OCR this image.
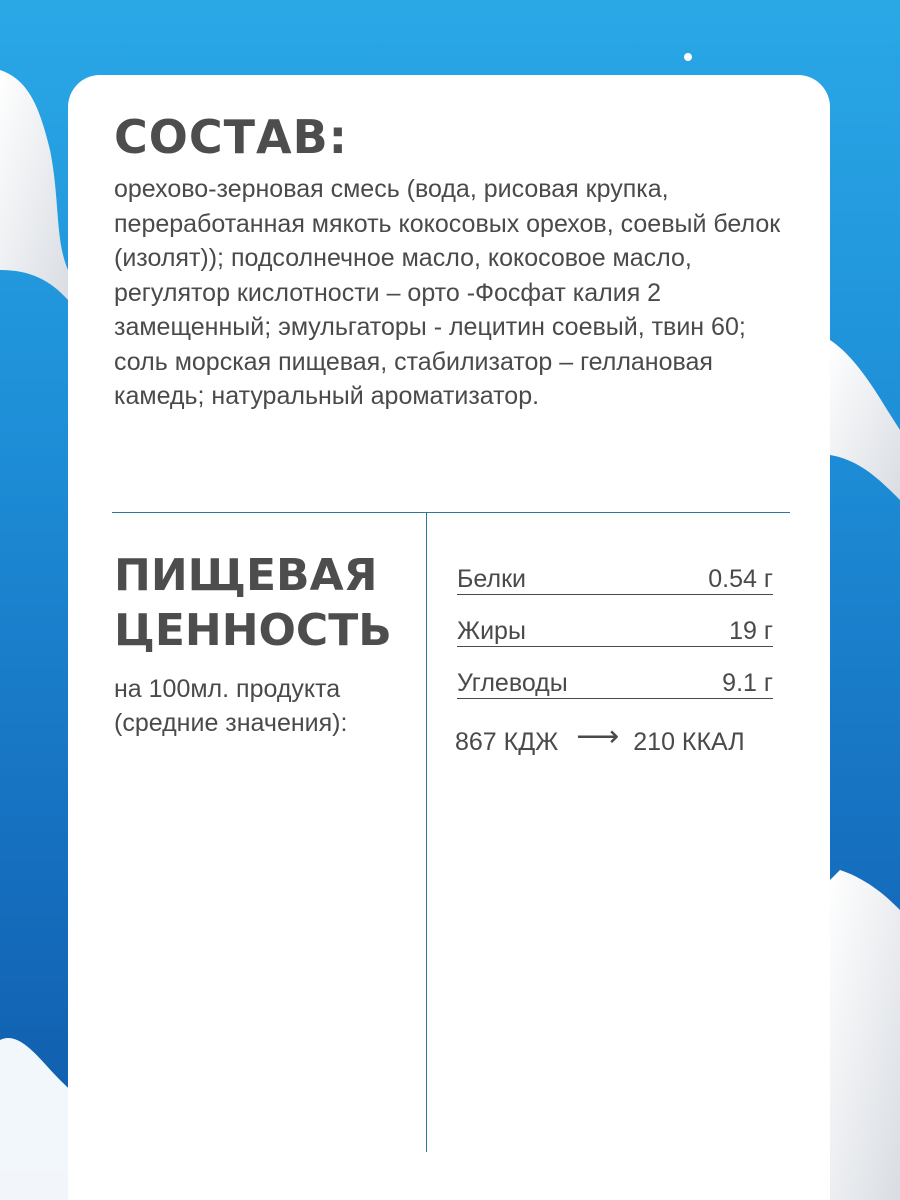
СОСТАВ:

орехово-зерновая смесь (вода, рисовая крупка, переработанная мякоть кокосовых орехов, соевый белок (изолят)); подсолнечное масло, кокосовое масло, регулятор кислотности – орто -Фосфат калия 2 замещенный; эмульгаторы - лецитин соевый, твин 60; соль морская пищевая, стабилизатор – геллановая камедь; натуральный ароматизатор.

ПИЩЕВАЯ ЦЕННОСТЬ

на 100мл. продукта (средние значения):

Белки	0.54 г
Жиры	19 г
Углеводы	9.1 г
867 КДЖ ⟶ 210 ККАЛ
